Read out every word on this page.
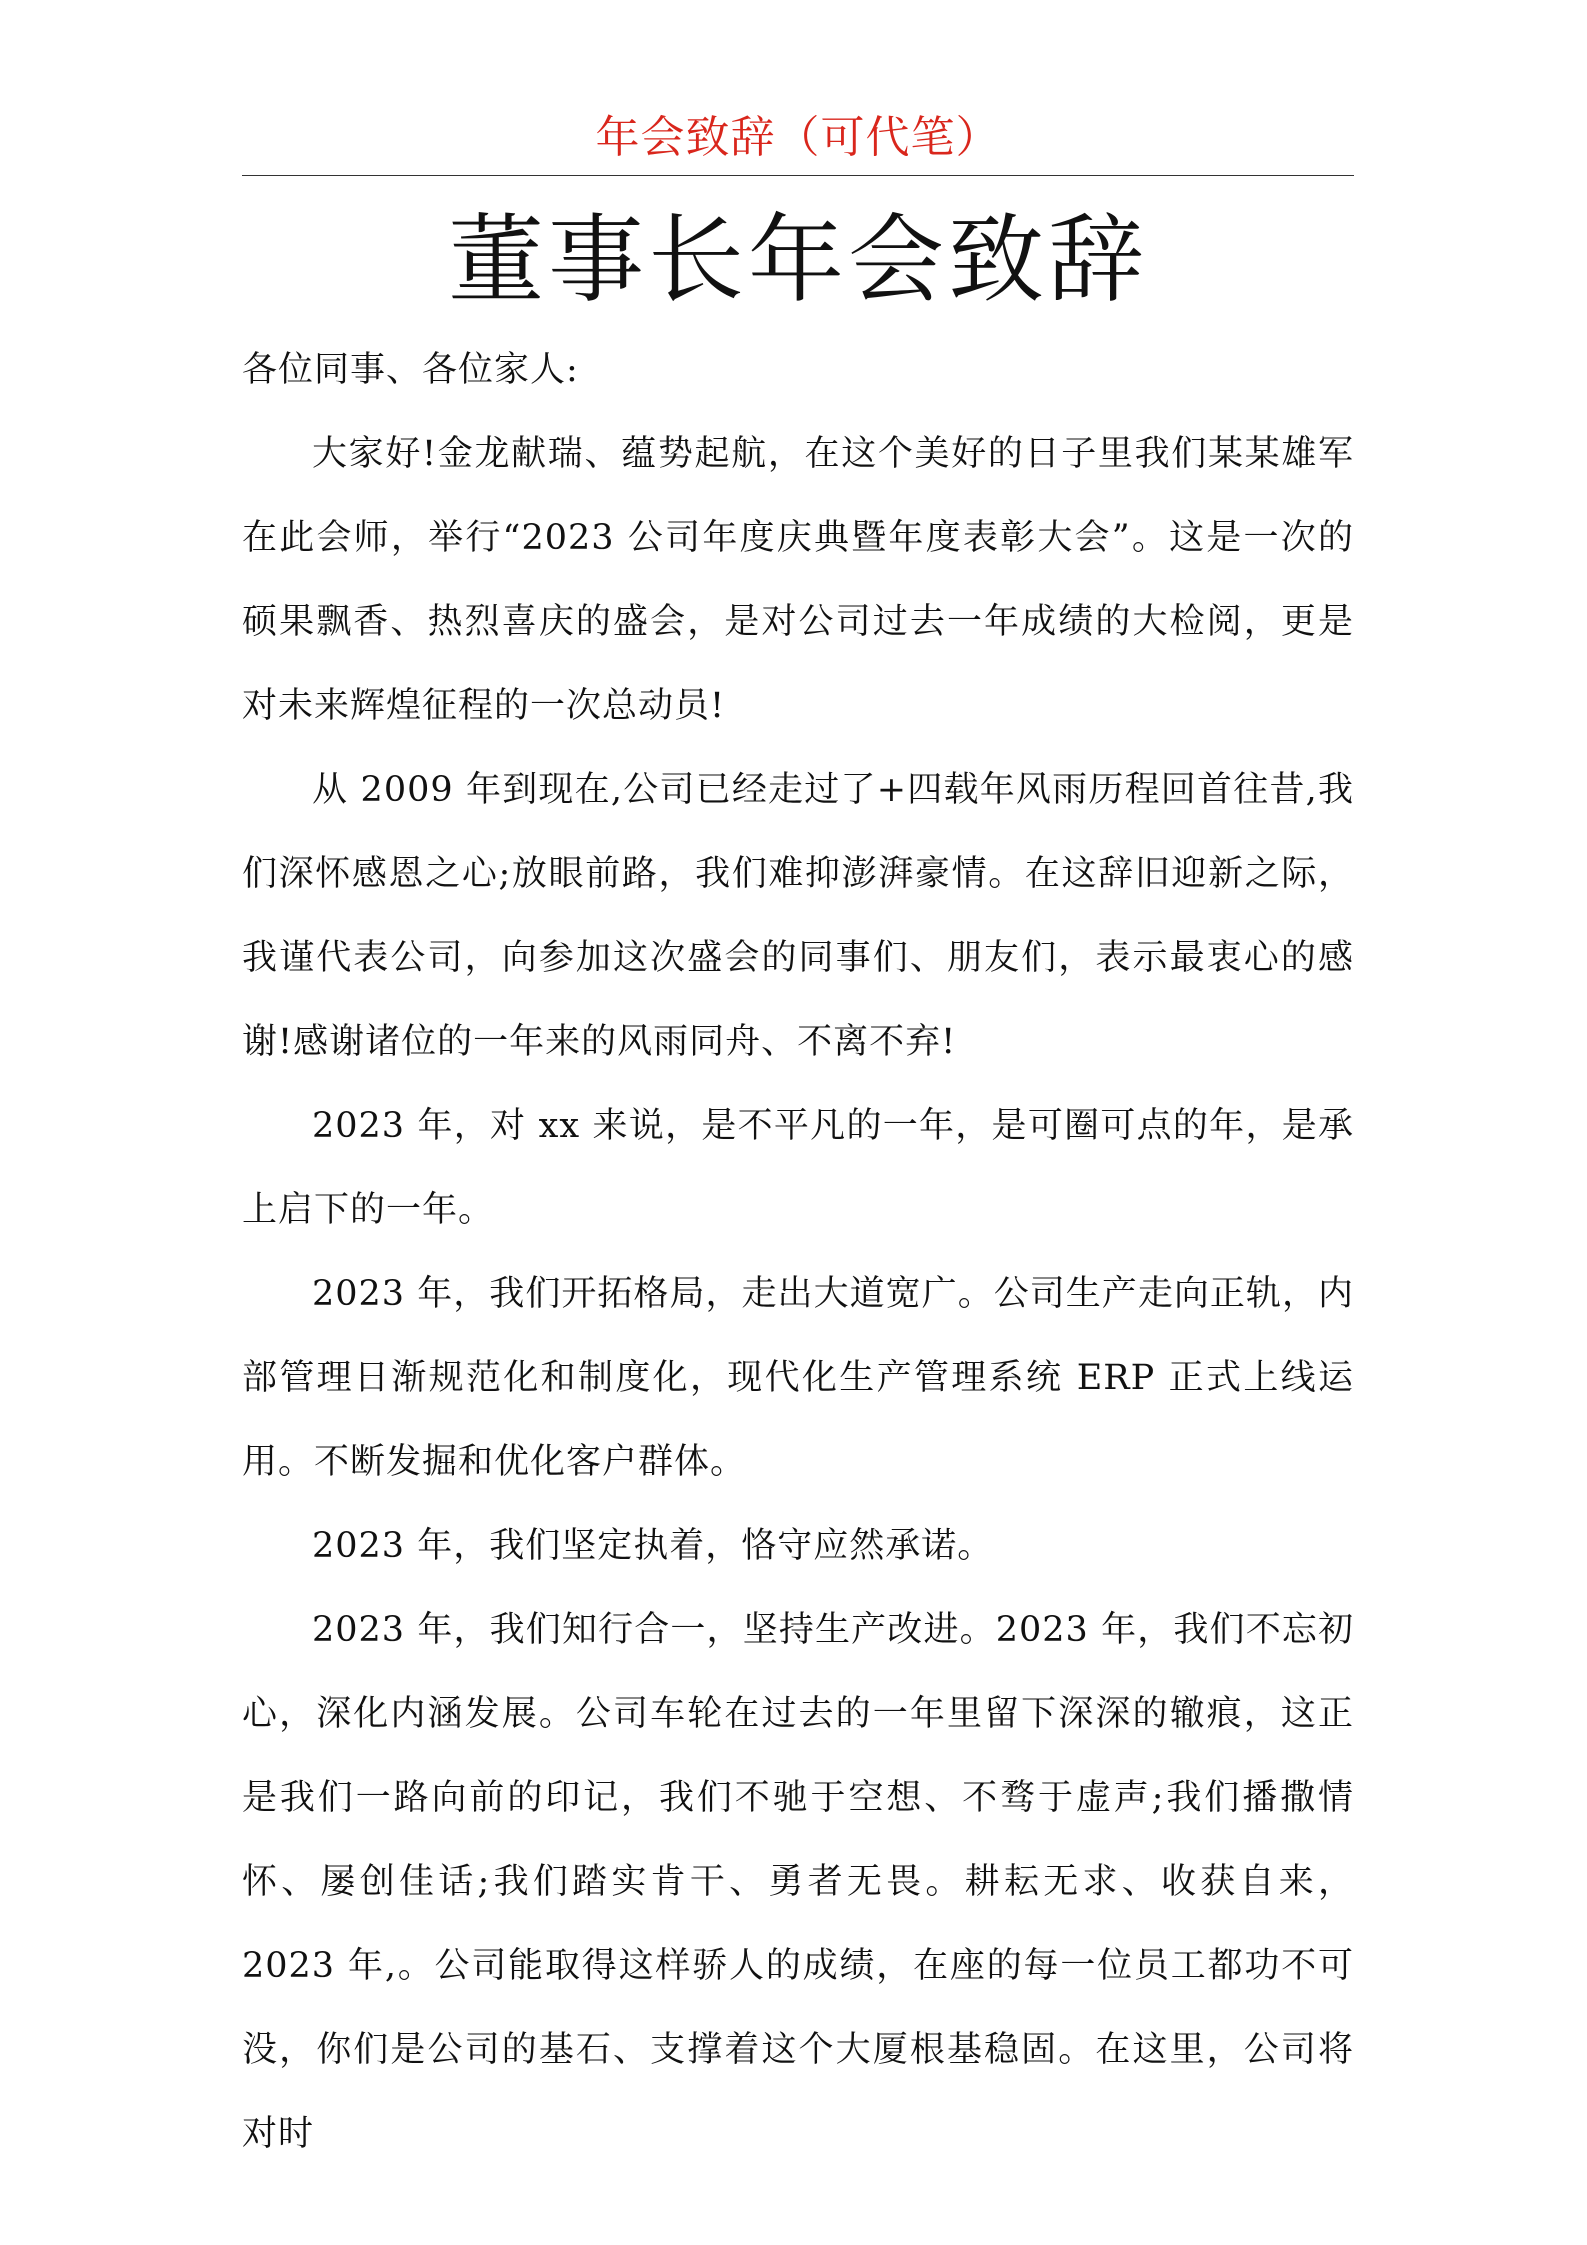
年会致辞（可代笔）
董事长年会致辞

各位同事、各位家人:

大家好!金龙献瑞、蕴势起航，在这个美好的日子里我们某某雄军在此会师，举行“2023 公司年度庆典暨年度表彰大会”。这是一次的硕果飘香、热烈喜庆的盛会，是对公司过去一年成绩的大检阅，更是对未来辉煌征程的一次总动员!

从 2009 年到现在,公司已经走过了+四载年风雨历程回首往昔,我们深怀感恩之心;放眼前路，我们难抑澎湃豪情。在这辞旧迎新之际，我谨代表公司，向参加这次盛会的同事们、朋友们，表示最衷心的感谢!感谢诸位的一年来的风雨同舟、不离不弃!

2023 年，对 xx 来说，是不平凡的一年，是可圈可点的年，是承上启下的一年。

2023 年，我们开拓格局，走出大道宽广。公司生产走向正轨，内部管理日渐规范化和制度化，现代化生产管理系统 ERP 正式上线运用。不断发掘和优化客户群体。

2023 年，我们坚定执着，恪守应然承诺。

2023 年，我们知行合一，坚持生产改进。2023 年，我们不忘初心，深化内涵发展。公司车轮在过去的一年里留下深深的辙痕，这正是我们一路向前的印记，我们不驰于空想、不骛于虚声;我们播撒情怀、屡创佳话;我们踏实肯干、勇者无畏。耕耘无求、收获自来，2023 年,。公司能取得这样骄人的成绩，在座的每一位员工都功不可没，你们是公司的基石、支撑着这个大厦根基稳固。在这里，公司将对时
